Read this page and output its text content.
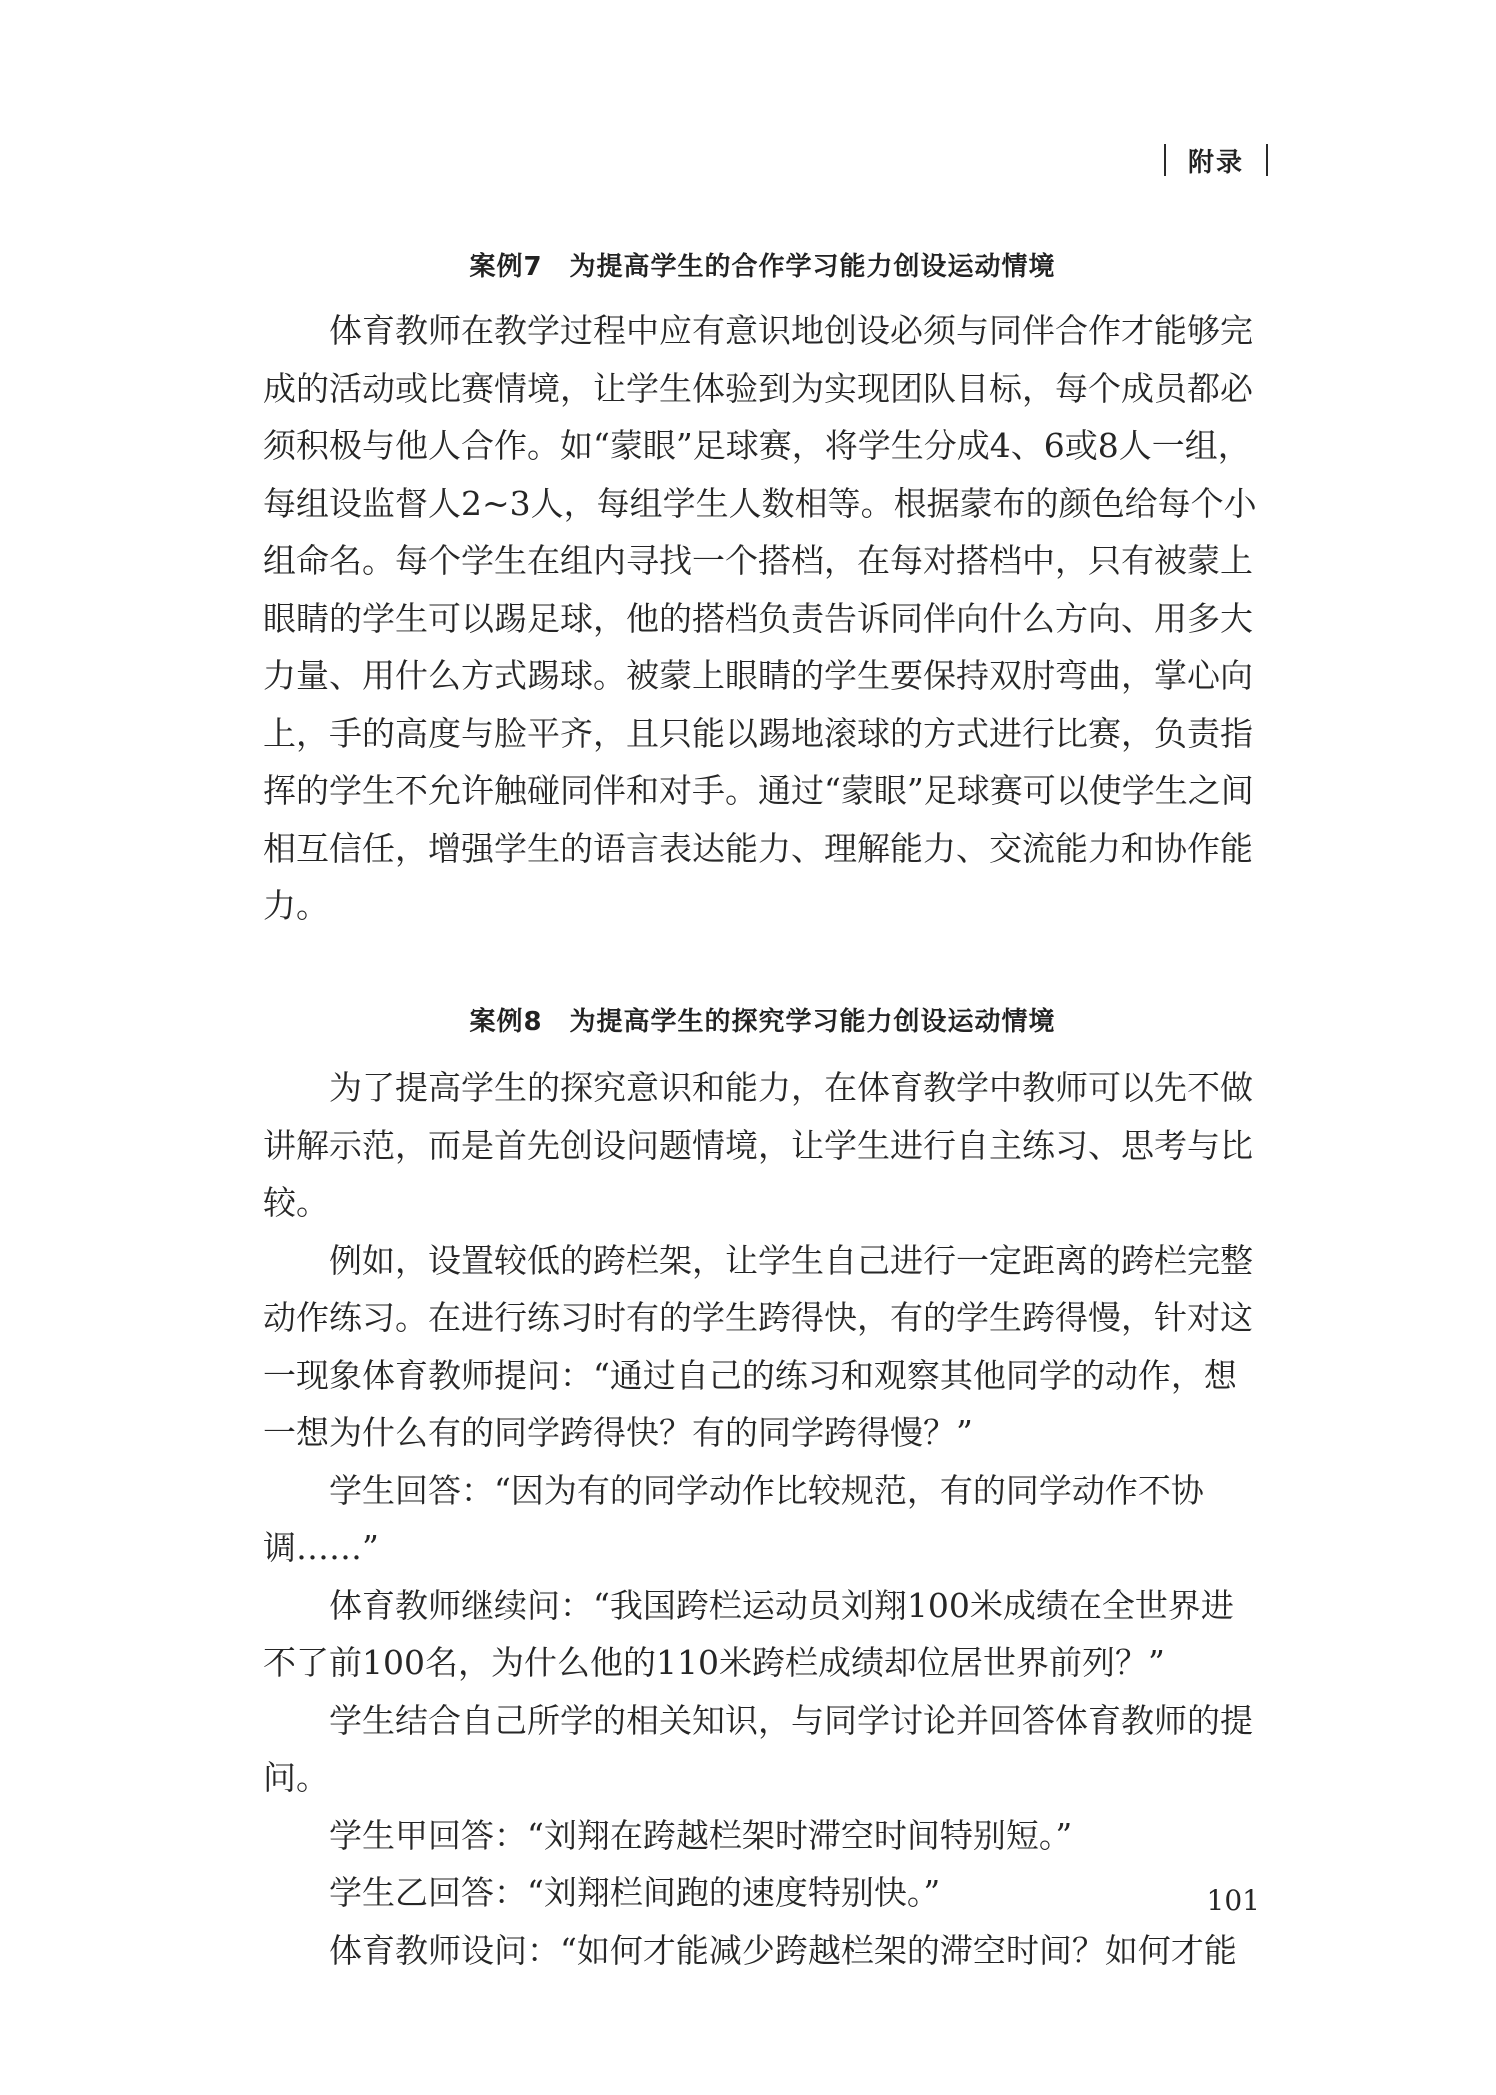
附录
案例7　为提高学生的合作学习能力创设运动情境

体育教师在教学过程中应有意识地创设必须与同伴合作才能够完成的活动或比赛情境，让学生体验到为实现团队目标，每个成员都必须积极与他人合作。如“蒙眼”足球赛，将学生分成4、6或8人一组，每组设监督人2~3人，每组学生人数相等。根据蒙布的颜色给每个小组命名。每个学生在组内寻找一个搭档，在每对搭档中，只有被蒙上眼睛的学生可以踢足球，他的搭档负责告诉同伴向什么方向、用多大力量、用什么方式踢球。被蒙上眼睛的学生要保持双肘弯曲，掌心向上，手的高度与脸平齐，且只能以踢地滚球的方式进行比赛，负责指挥的学生不允许触碰同伴和对手。通过“蒙眼”足球赛可以使学生之间相互信任，增强学生的语言表达能力、理解能力、交流能力和协作能力。

案例8　为提高学生的探究学习能力创设运动情境

为了提高学生的探究意识和能力，在体育教学中教师可以先不做讲解示范，而是首先创设问题情境，让学生进行自主练习、思考与比较。

例如，设置较低的跨栏架，让学生自己进行一定距离的跨栏完整动作练习。在进行练习时有的学生跨得快，有的学生跨得慢，针对这一现象体育教师提问：“通过自己的练习和观察其他同学的动作，想一想为什么有的同学跨得快？有的同学跨得慢？”

学生回答：“因为有的同学动作比较规范，有的同学动作不协调……”

体育教师继续问：“我国跨栏运动员刘翔100米成绩在全世界进不了前100名，为什么他的110米跨栏成绩却位居世界前列？”

学生结合自己所学的相关知识，与同学讨论并回答体育教师的提问。

学生甲回答：“刘翔在跨越栏架时滞空时间特别短。”

学生乙回答：“刘翔栏间跑的速度特别快。”

体育教师设问：“如何才能减少跨越栏架的滞空时间？如何才能

101
